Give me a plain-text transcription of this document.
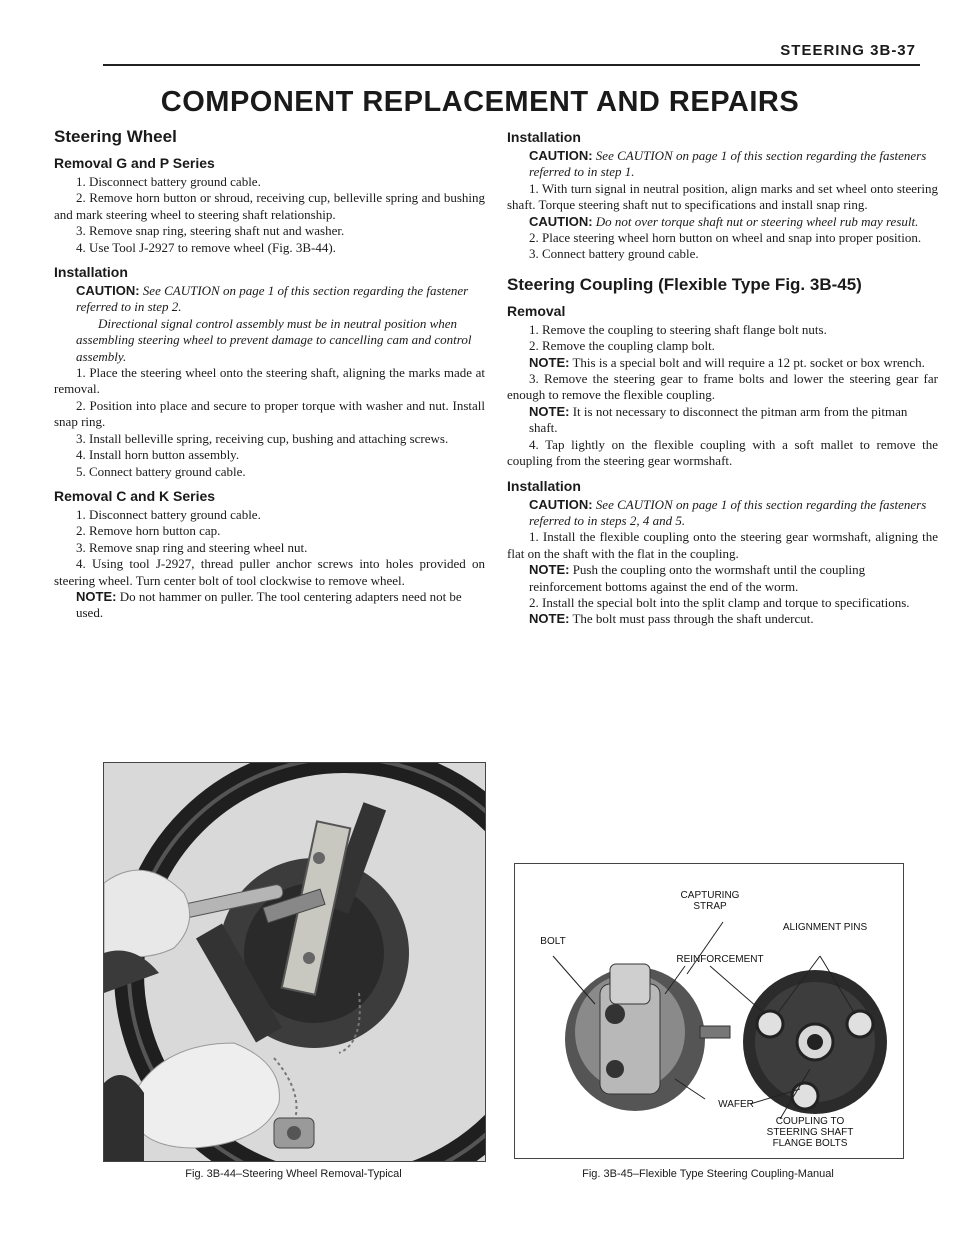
STEERING 3B-37
COMPONENT REPLACEMENT AND REPAIRS
Steering Wheel
Removal G and P Series

1. Disconnect battery ground cable.

2. Remove horn button or shroud, receiving cup, belleville spring and bushing and mark steering wheel to steering shaft relationship.

3. Remove snap ring, steering shaft nut and washer.

4. Use Tool J-2927 to remove wheel (Fig. 3B-44).

Installation

CAUTION: See CAUTION on page 1 of this section regarding the fastener referred to in step 2.

Directional signal control assembly must be in neutral position when assembling steering wheel to prevent damage to cancelling cam and control assembly.

1. Place the steering wheel onto the steering shaft, aligning the marks made at removal.

2. Position into place and secure to proper torque with washer and nut. Install snap ring.

3. Install belleville spring, receiving cup, bushing and attaching screws.

4. Install horn button assembly.

5. Connect battery ground cable.

Removal C and K Series

1. Disconnect battery ground cable.

2. Remove horn button cap.

3. Remove snap ring and steering wheel nut.

4. Using tool J-2927, thread puller anchor screws into holes provided on steering wheel. Turn center bolt of tool clockwise to remove wheel.

NOTE: Do not hammer on puller. The tool centering adapters need not be used.

Fig. 3B-44–Steering Wheel Removal-Typical
Installation

CAUTION: See CAUTION on page 1 of this section regarding the fasteners referred to in step 1.

1. With turn signal in neutral position, align marks and set wheel onto steering shaft. Torque steering shaft nut to specifications and install snap ring.

CAUTION: Do not over torque shaft nut or steering wheel rub may result.

2. Place steering wheel horn button on wheel and snap into proper position.

3. Connect battery ground cable.

Steering Coupling (Flexible Type Fig. 3B-45)
Removal

1. Remove the coupling to steering shaft flange bolt nuts.

2. Remove the coupling clamp bolt.

NOTE: This is a special bolt and will require a 12 pt. socket or box wrench.

3. Remove the steering gear to frame bolts and lower the steering gear far enough to remove the flexible coupling.

NOTE: It is not necessary to disconnect the pitman arm from the pitman shaft.

4. Tap lightly on the flexible coupling with a soft mallet to remove the coupling from the steering gear wormshaft.

Installation

CAUTION: See CAUTION on page 1 of this section regarding the fasteners referred to in steps 2, 4 and 5.

1. Install the flexible coupling onto the steering gear wormshaft, aligning the flat on the shaft with the flat in the coupling.

NOTE: Push the coupling onto the wormshaft until the coupling reinforcement bottoms against the end of the worm.

2. Install the special bolt into the split clamp and torque to specifications.

NOTE: The bolt must pass through the shaft undercut.

CAPTURING STRAP
ALIGNMENT PINS
BOLT
REINFORCEMENT
WAFER
COUPLING TO STEERING SHAFT FLANGE BOLTS
Fig. 3B-45–Flexible Type Steering Coupling-Manual
